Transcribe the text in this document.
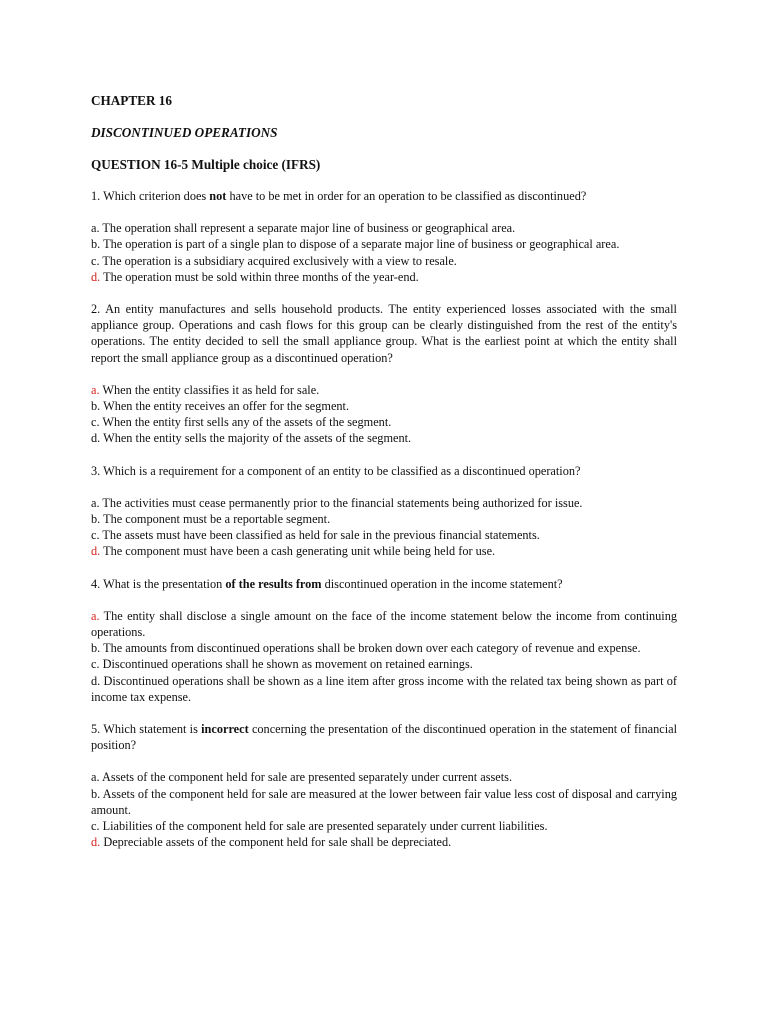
CHAPTER 16
DISCONTINUED OPERATIONS
QUESTION 16-5 Multiple choice (IFRS)

1. Which criterion does not have to be met in order for an operation to be classified as discontinued?

a. The operation shall represent a separate major line of business or geographical area.

b. The operation is part of a single plan to dispose of a separate major line of business or geographical area.

c. The operation is a subsidiary acquired exclusively with a view to resale.

d. The operation must be sold within three months of the year-end.

2. An entity manufactures and sells household products. The entity experienced losses associated with the small appliance group. Operations and cash flows for this group can be clearly distinguished from the rest of the entity's operations. The entity decided to sell the small appliance group. What is the earliest point at which the entity shall report the small appliance group as a discontinued operation?

a. When the entity classifies it as held for sale.

b. When the entity receives an offer for the segment.

c. When the entity first sells any of the assets of the segment.

d. When the entity sells the majority of the assets of the segment.

3. Which is a requirement for a component of an entity to be classified as a discontinued operation?

a. The activities must cease permanently prior to the financial statements being authorized for issue.

b. The component must be a reportable segment.

c. The assets must have been classified as held for sale in the previous financial statements.

d. The component must have been a cash generating unit while being held for use.

4. What is the presentation of the results from discontinued operation in the income statement?

a. The entity shall disclose a single amount on the face of the income statement below the income from continuing operations.

b. The amounts from discontinued operations shall be broken down over each category of revenue and expense.

c. Discontinued operations shall he shown as movement on retained earnings.

d. Discontinued operations shall be shown as a line item after gross income with the related tax being shown as part of income tax expense.

5. Which statement is incorrect concerning the presentation of the discontinued operation in the statement of financial position?

a. Assets of the component held for sale are presented separately under current assets.

b. Assets of the component held for sale are measured at the lower between fair value less cost of disposal and carrying amount.

c. Liabilities of the component held for sale are presented separately under current liabilities.

d. Depreciable assets of the component held for sale shall be depreciated.
